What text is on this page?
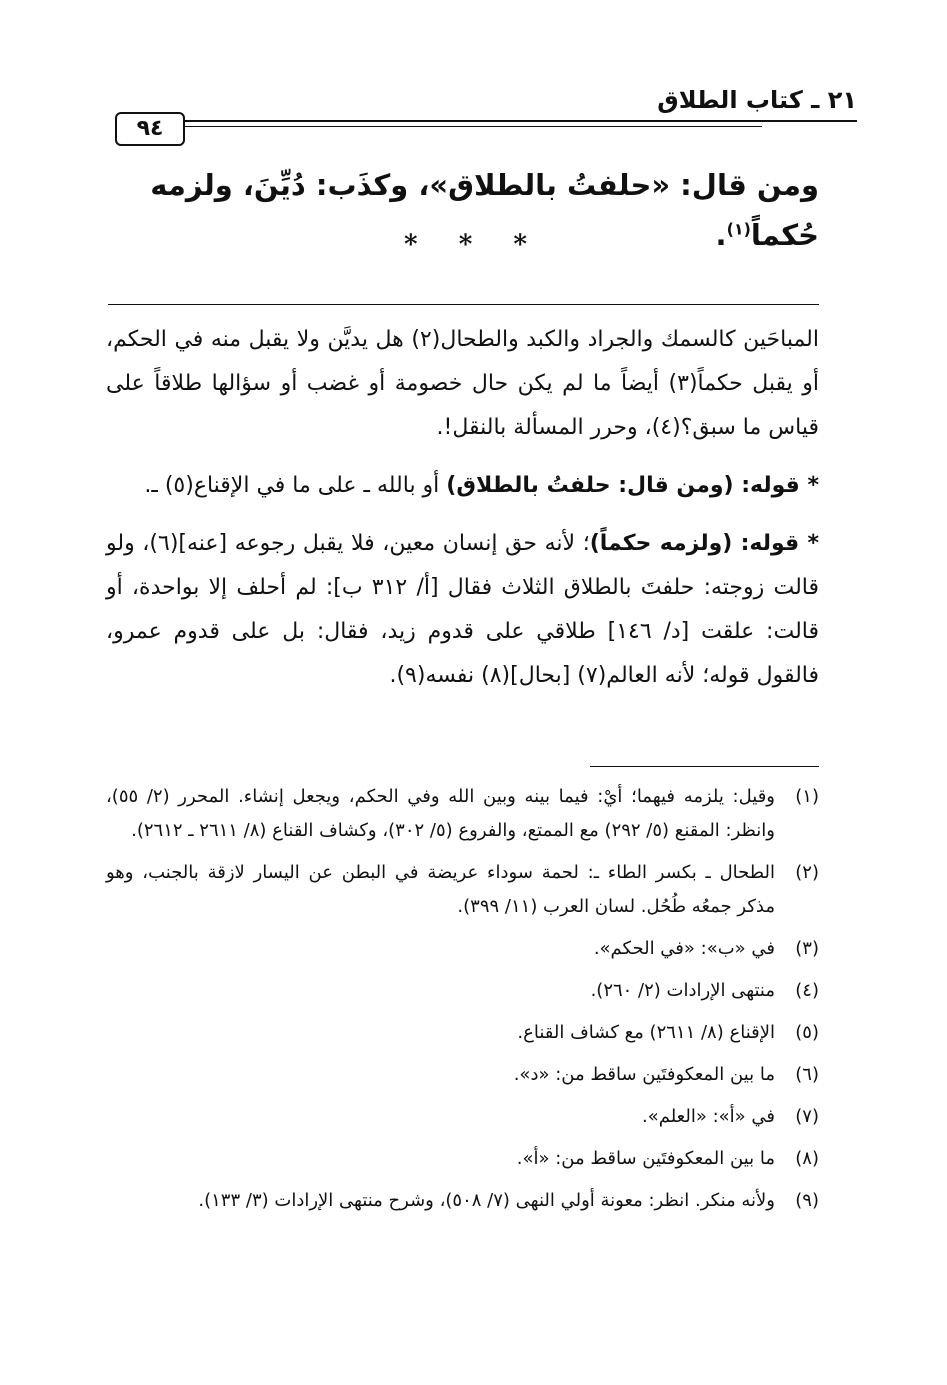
٢١ ـ كتاب الطلاق
٩٤
ومن قال: «حلفتُ بالطلاق»، وكذَب: دُيِّنَ، ولزمه حُكماً$^{(١)}$.
* * *

المباحَين كالسمك والجراد والكبد والطحال(٢) هل يديَّن ولا يقبل منه في الحكم، أو يقبل حكماً(٣) أيضاً ما لم يكن حال خصومة أو غضب أو سؤالها طلاقاً على قياس ما سبق؟(٤)، وحرر المسألة بالنقل!.

* قوله: (ومن قال: حلفتُ بالطلاق) أو بالله ـ على ما في الإقناع(٥) ـ.

* قوله: (ولزمه حكماً)؛ لأنه حق إنسان معين، فلا يقبل رجوعه [عنه](٦)، ولو قالت زوجته: حلفتَ بالطلاق الثلاث فقال [أ/ ٣١٢ ب]: لم أحلف إلا بواحدة، أو قالت: علقت [د/ ١٤٦] طلاقي على قدوم زيد، فقال: بل على قدوم عمرو، فالقول قوله؛ لأنه العالم(٧) [بحال](٨) نفسه(٩).

(١)
وقيل: يلزمه فيهما؛ أيْ: فيما بينه وبين الله وفي الحكم، ويجعل إنشاء. المحرر (٢/ ٥٥)، وانظر: المقنع (٥/ ٢٩٢) مع الممتع، والفروع (٥/ ٣٠٢)، وكشاف القناع (٨/ ٢٦١١ ـ ٢٦١٢).
(٢)
الطحال ـ بكسر الطاء ـ: لحمة سوداء عريضة في البطن عن اليسار لازقة بالجنب، وهو مذكر جمعُه طُحُل. لسان العرب (١١/ ٣٩٩).
(٣)
في «ب»: «في الحكم».
(٤)
منتهى الإرادات (٢/ ٢٦٠).
(٥)
الإقناع (٨/ ٢٦١١) مع كشاف القناع.
(٦)
ما بين المعكوفتَين ساقط من: «د».
(٧)
في «أ»: «العلم».
(٨)
ما بين المعكوفتَين ساقط من: «أ».
(٩)
ولأنه منكر. انظر: معونة أولي النهى (٧/ ٥٠٨)، وشرح منتهى الإرادات (٣/ ١٣٣).
